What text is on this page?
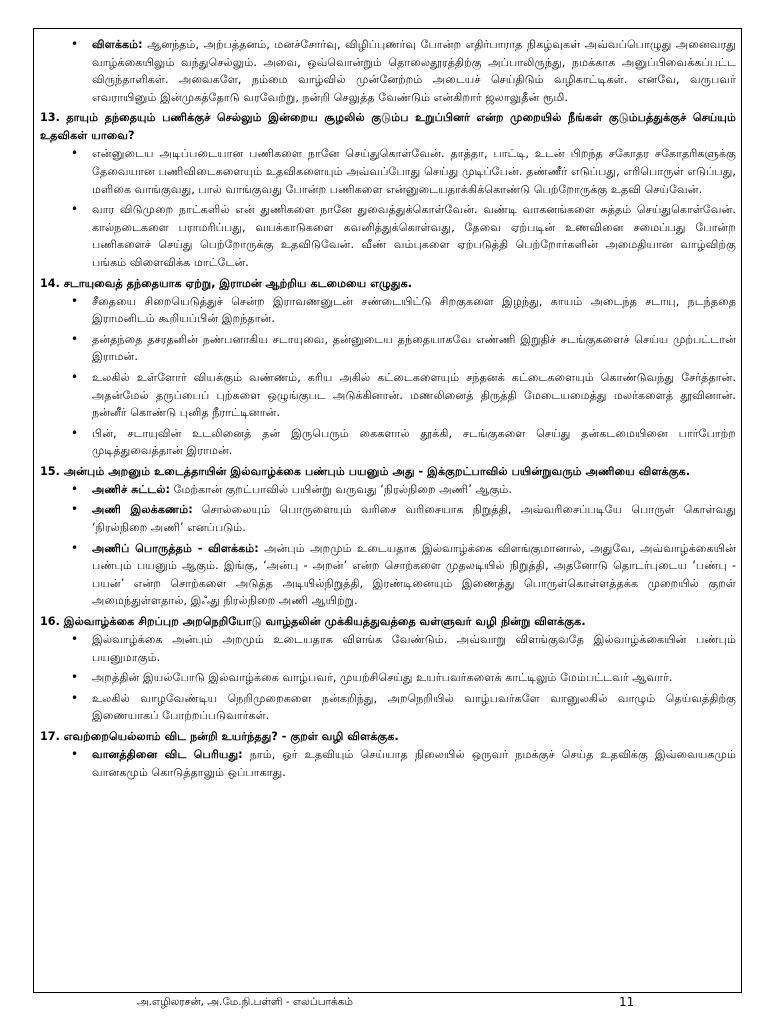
• விளக்கம்: ஆனந்தம், அற்பத்தனம், மனச்சோர்வு, விழிப்புணர்வு போன்ற எதிர்பாராத நிகழ்வுகள் அவ்வப்பொழுது அனைவரது வாழ்க்கையிலும் வந்துசெல்லும். அவை, ஒவ்வொன்றும் தொலைதூரத்திற்கு அப்பாலிருந்து, நமக்காக அனுப்பிவைக்கப்பட்ட விருந்தாளிகள். அவைகளே, நம்மை வாழ்வில் முன்னேற்றம் அடையச் செய்திடும் வழிகாட்டிகள். எனவே, வருபவர் எவராயினும் இன்முகத்தோடு வரவேற்று, நன்றி செலுத்த வேண்டும் என்கிறார் ஜலாலுதீன் ரூமி.

13. தாயும் தந்தையும் பணிக்குச் செல்லும் இன்றைய சூழலில் குடும்ப உறுப்பினர் என்ற முறையில் நீங்கள் குடும்பத்துக்குச் செய்யும் உதவிகள் யாவை?

• என்னுடைய அடிப்படையான பணிகளை நானே செய்துகொள்வேன். தாத்தா, பாட்டி, உடன் பிறந்த சகோதர சகோதரிகளுக்கு தேவையான பணிவிடைகளையும் உதவிகளையும் அவ்வப்போது செய்து முடிப்பேன். தண்ணீர் எடுப்பது, எரிபொருள் எடுப்பது, மளிகை வாங்குவது, பால் வாங்குவது போன்ற பணிகளை என்னுடையதாக்கிக்கொண்டு பெற்றோருக்கு உதவி செய்வேன்.
• வார விடுமுறை நாட்களில் என் துணிகளை நானே துவைத்துக்கொள்வேன். வண்டி வாகனங்களை சுத்தம் செய்துகொள்வேன். கால்நடைகளை பராமரிப்பது, வயக்காடுகளை கவனித்துக்கொள்வது, தேவை ஏற்படின் உணவினை சமைப்பது போன்ற பணிகளைச் செய்து பெற்றோருக்கு உதவிடுவேன். வீண் வம்புகளை ஏற்படுத்தி பெற்றோர்களின் அமைதியான வாழ்விற்கு பங்கம் விளைவிக்க மாட்டேன்.

14. சடாயுவைத் தந்தையாக ஏற்று, இராமன் ஆற்றிய கடமையை எழுதுக.

• சீதையை சிறையெடுத்துச் சென்ற இராவணனுடன் சண்டையிட்டு சிறகுகளை இழந்து, காயம் அடைந்த சடாயு, நடந்ததை இராமனிடம் கூறியப்பின் இறந்தான்.
• தன்தந்தை தசரதனின் நண்பனாகிய சடாயுவை, தன்னுடைய தந்தையாகவே எண்ணி இறுதிச் சடங்குகளைச் செய்ய முற்பட்டான் இராமன்.
• உலகில் உள்ளோர் வியக்கும் வண்ணம், கரிய அகில் கட்டைகளையும் சந்தனக் கட்டைகளையும் கொண்டுவந்து சேர்த்தான். அதன்மேல் தருப்பைப் புற்களை ஒழுங்குபட அடுக்கினான். மணலினைத் திருத்தி மேடையமைத்து மலர்களைத் தூவினான். நன்னீர் கொண்டு புனித நீராட்டினான்.
• பின், சடாயுவின் உடலினைத் தன் இருபெரும் கைகளால் தூக்கி, சடங்குகளை செய்து தன்கடமையினை பார்போற்ற முடித்துவைத்தான் இராமன்.

15. அன்பும் அறனும் உடைத்தாயின் இல்வாழ்க்கை பண்பும் பயனும் அது - இக்குறட்பாவில் பயின்றுவரும் அணியை விளக்குக.

• அணிச் சுட்டல்: மேற்கான் குறட்பாவில் பயின்று வருவது ‘நிரல்நிறை அணி’ ஆகும்.
• அணி இலக்கணம்: சொல்லையும் பொருளையும் வரிசை வரிசையாக நிறுத்தி, அவ்வரிசைப்படியே பொருள் கொள்வது ‘நிரல்நிறை அணி’ எனப்படும்.
• அணிப் பொருத்தம் - விளக்கம்: அன்பும் அறமும் உடையதாக இல்வாழ்க்கை விளங்குமானால், அதுவே, அவ்வாழ்க்கையின் பண்பும் பயனும் ஆகும். இங்கு, ‘அன்பு - அறன்’ என்ற சொற்களை முதலடியில் நிறுத்தி, அதனோடு தொடர்புடைய ‘பண்பு - பயன்’ என்ற சொற்களை அடுத்த அடியில்நிறுத்தி, இரண்டினையும் இணைத்து பொருள்கொள்ளத்தக்க முறையில் குறள் அமைந்துள்ளதால், இஃது நிரல்நிறை அணி ஆயிற்று.

16. இல்வாழ்க்கை சிறப்புற அறநெறியோடு வாழ்தலின் முக்கியத்துவத்தை வள்ளுவர் வழி நின்று விளக்குக.

• இல்வாழ்க்கை அன்பும் அறமும் உடையதாக விளங்க வேண்டும். அவ்வாறு விளங்குவதே இல்வாழ்க்கையின் பண்பும் பயனுமாகும்.
• அறத்தின் இயல்போடு இல்வாழ்க்கை வாழ்பவர், முயற்சிசெய்து உயர்பவர்களைக் காட்டிலும் மேம்பட்டவர் ஆவார்.
• உலகில் வாழவேண்டிய நெறிமுறைகளை நன்கறிந்து, அறநெறியில் வாழ்பவர்களே வானுலகில் வாழும் தெய்வத்திற்கு இணையாகப் போற்றப்படுவார்கள்.

17. எவற்றையெல்லாம் விட நன்றி உயர்ந்தது? - குறள் வழி விளக்குக.

• வானத்தினை விட பெரியது: நாம், ஓர் உதவியும் செய்யாத நிலையில் ஒருவர் நமக்குச் செய்த உதவிக்கு இவ்வையகமும் வானகமும் கொடுத்தாலும் ஒப்பாகாது.
அ.எழிலரசன், அ.மே.நி.பள்ளி - எலப்பாக்கம்	11
